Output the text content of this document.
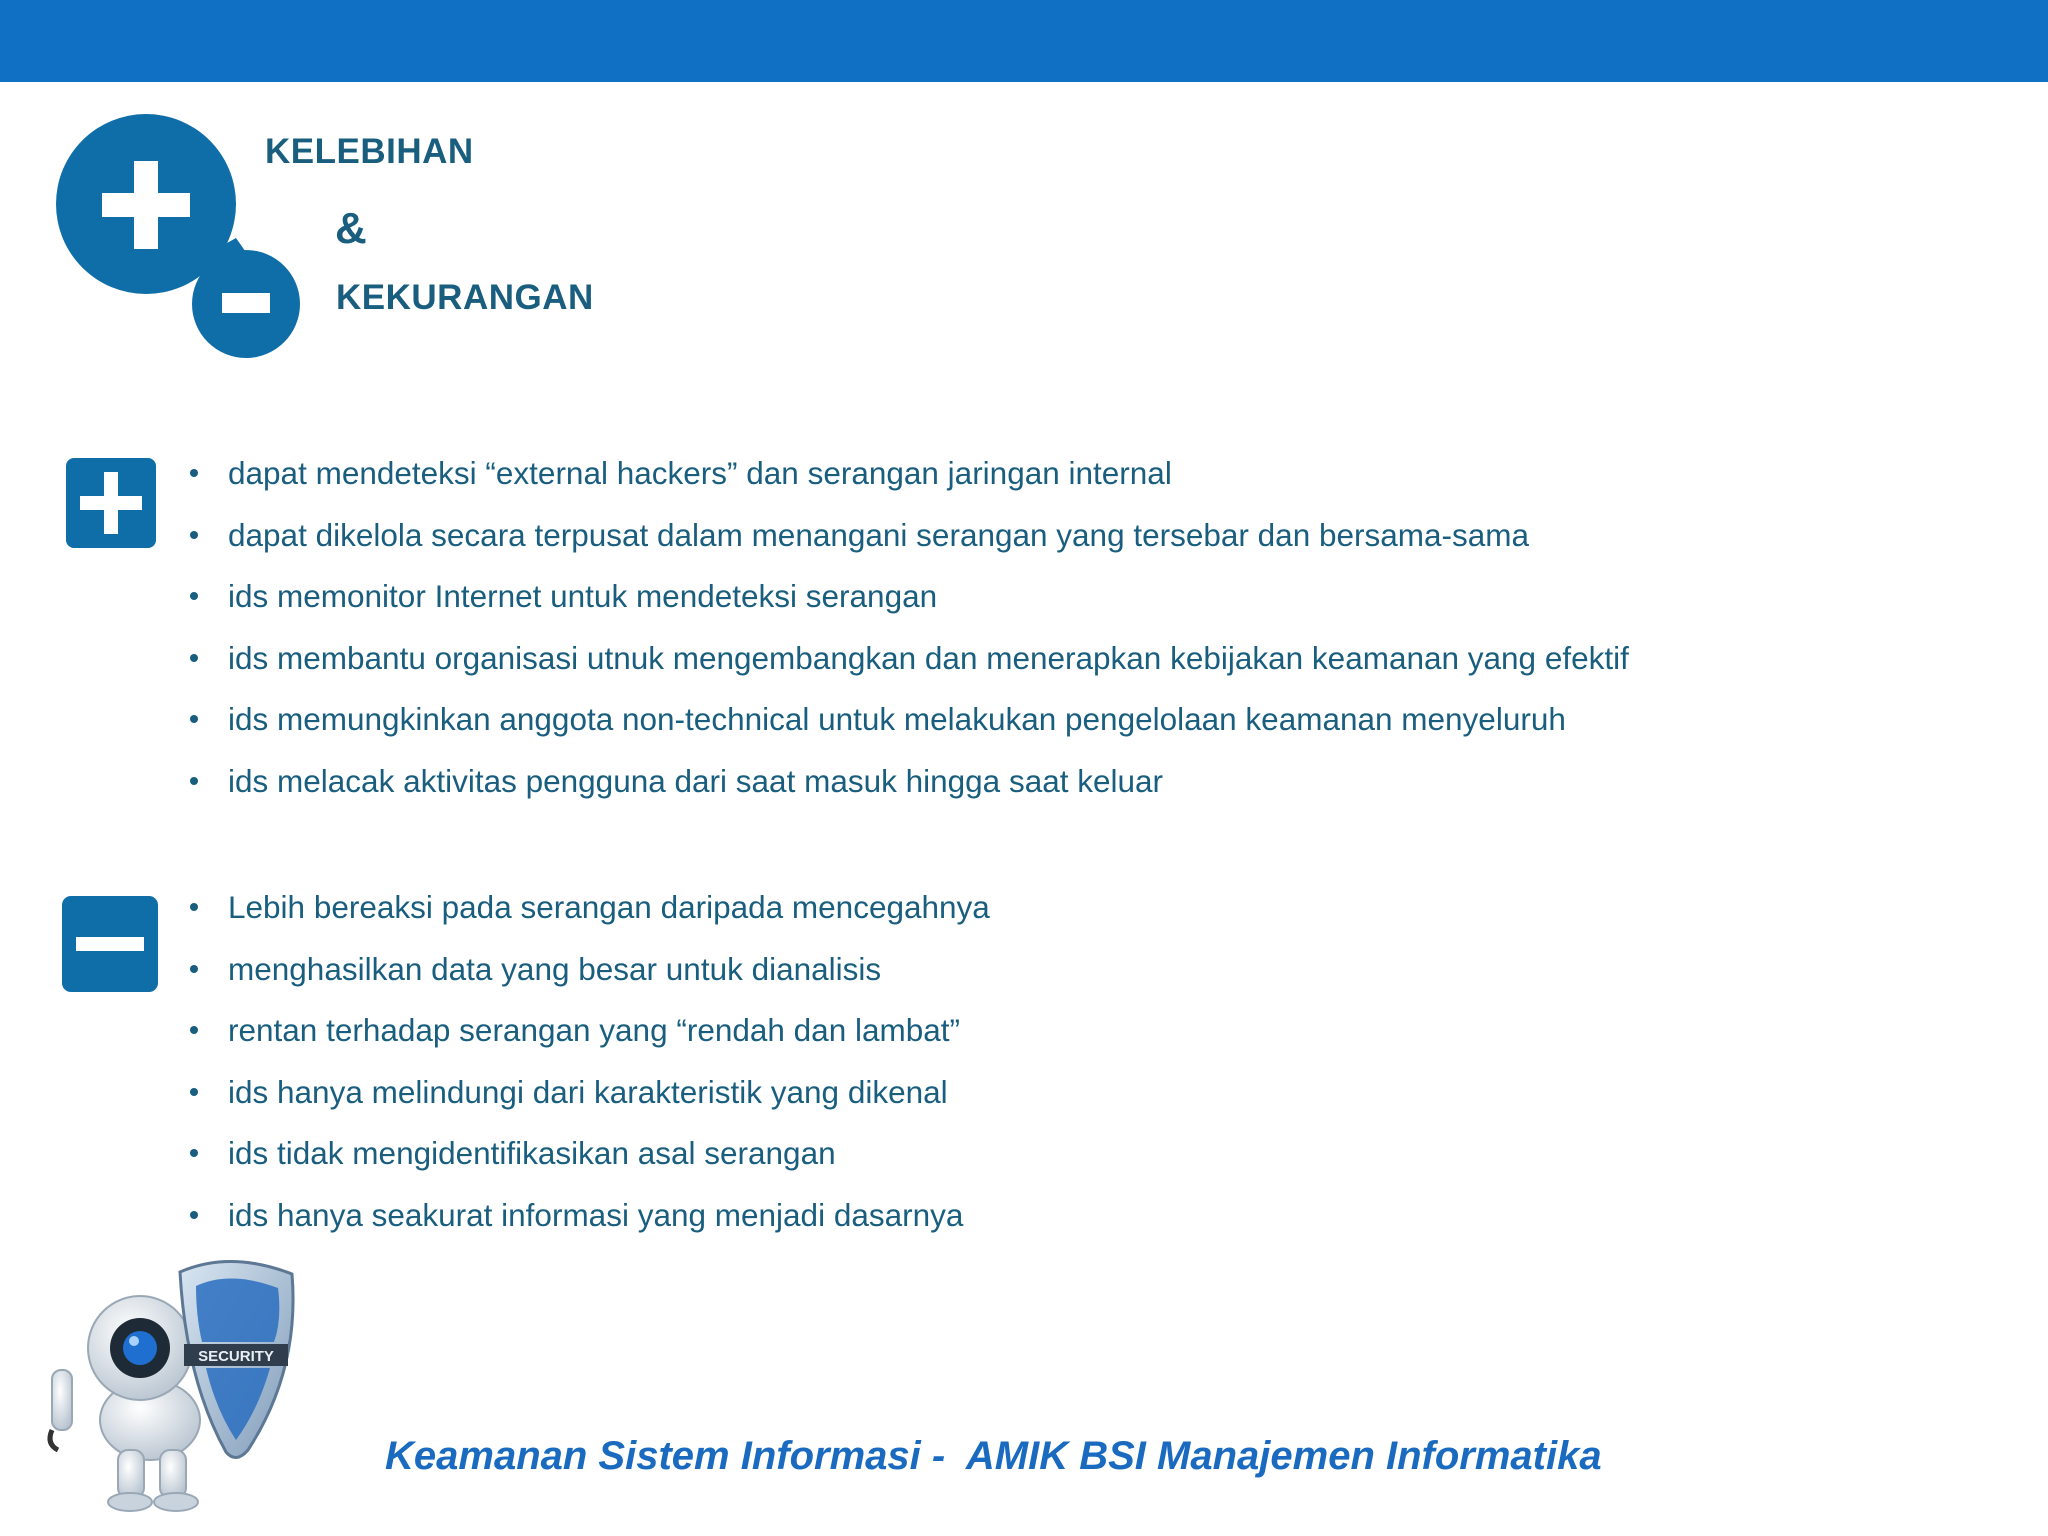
KELEBIHAN
&
KEKURANGAN
dapat mendeteksi “external hackers” dan serangan jaringan internal
dapat dikelola secara terpusat dalam menangani serangan yang tersebar dan bersama-sama
ids memonitor Internet untuk mendeteksi serangan
ids membantu organisasi utnuk mengembangkan dan menerapkan kebijakan keamanan yang efektif
ids memungkinkan anggota non-technical untuk melakukan pengelolaan keamanan menyeluruh
ids melacak aktivitas pengguna dari saat masuk hingga saat keluar
Lebih bereaksi pada serangan daripada mencegahnya
menghasilkan data yang besar untuk dianalisis
rentan terhadap serangan yang “rendah dan lambat”
ids hanya melindungi dari karakteristik yang dikenal
ids tidak mengidentifikasikan asal serangan
ids hanya seakurat informasi yang menjadi dasarnya
SECURITY
Keamanan Sistem Informasi -  AMIK BSI Manajemen Informatika
